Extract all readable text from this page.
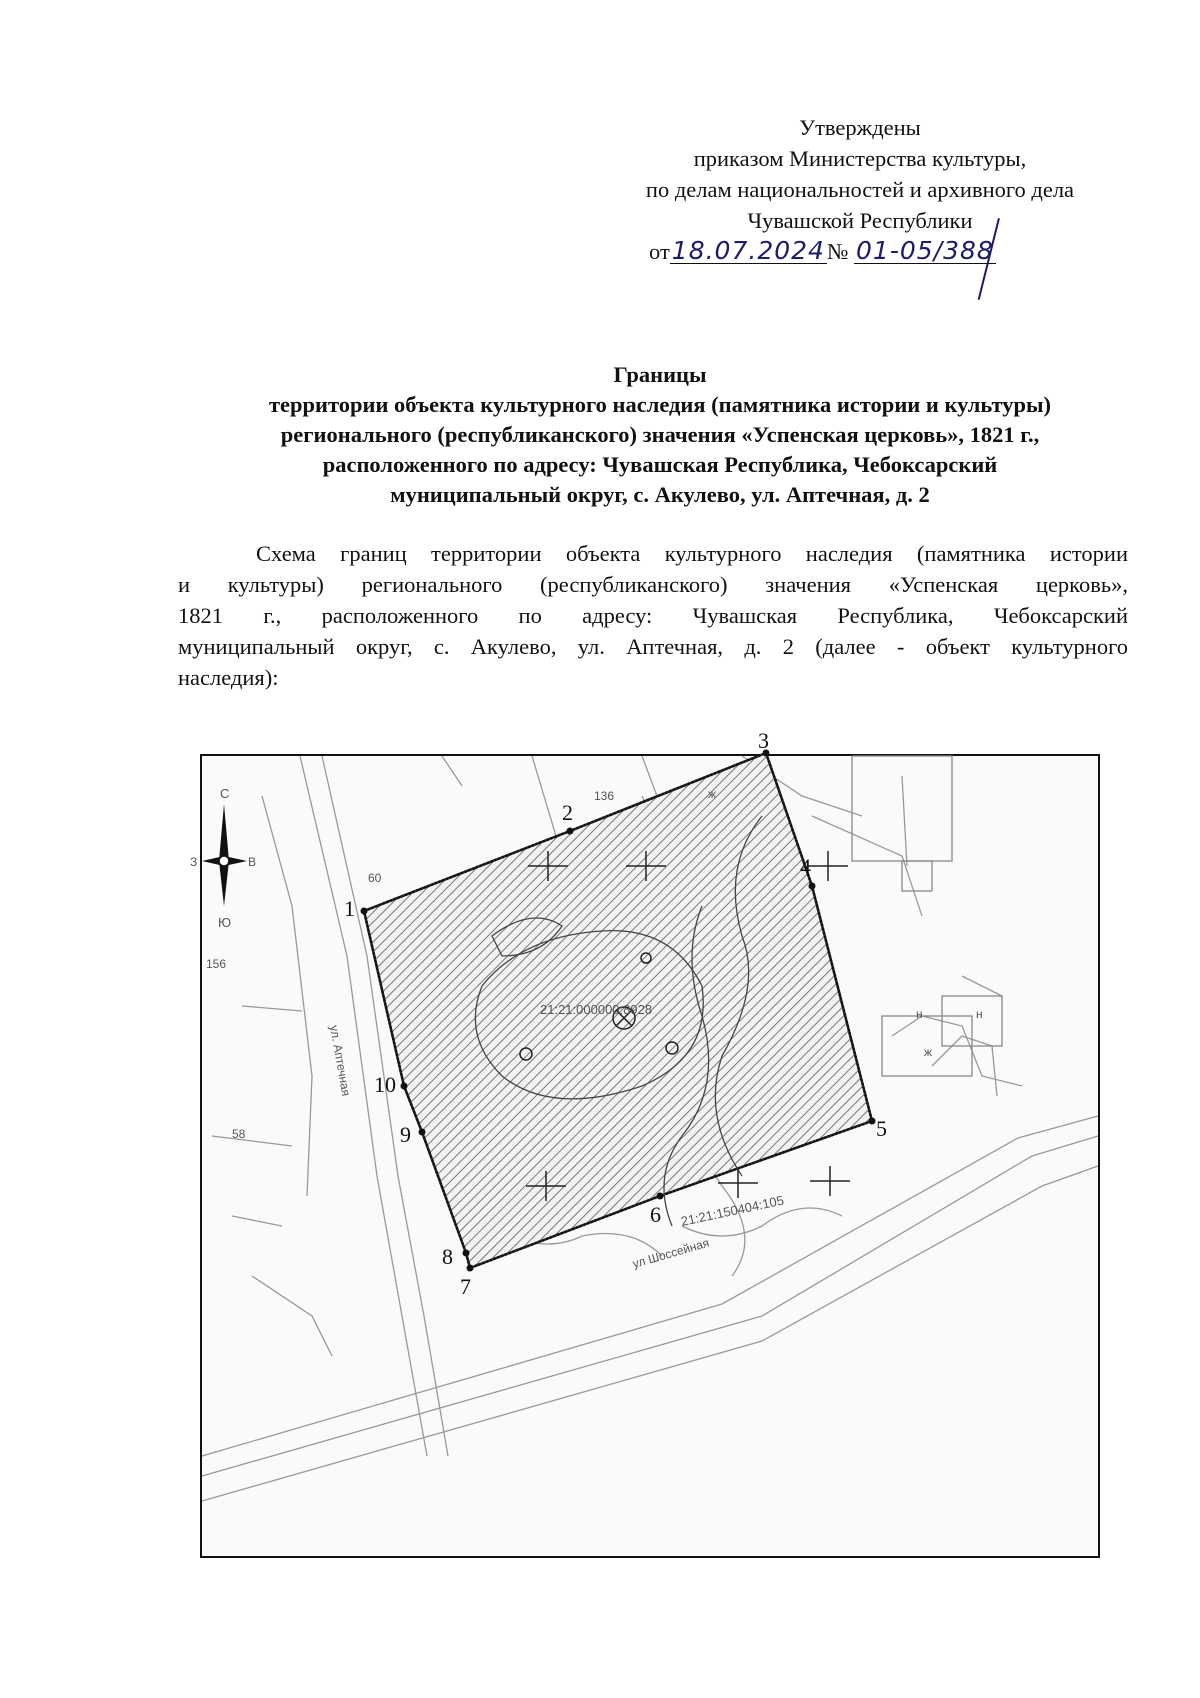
Утверждены
приказом Министерства культуры,
по делам национальностей и архивного дела
Чувашской Республики
от18.07.2024№ 01-05/388
Границы
территории объекта культурного наследия (памятника истории и культуры)
регионального (республиканского) значения «Успенская церковь», 1821 г.,
расположенного по адресу: Чувашская Республика, Чебоксарский
муниципальный округ, с. Акулево, ул. Аптечная, д. 2
Схема границ территории объекта культурного наследия (памятника истории
и культуры) регионального (республиканского) значения «Успенская церковь»,
1821 г., расположенного по адресу: Чувашская Республика, Чебоксарский
муниципальный округ, с. Акулево, ул. Аптечная, д. 2 (далее - объект культурного
наследия):
С
Ю
З	В
1
2
3
4
5
6
7
8
9
10
21:21:000000:8928
21:21:150404:105
ул. Аптечная
ул Шоссейная
ж
н
ж
н
60
58
156
136
